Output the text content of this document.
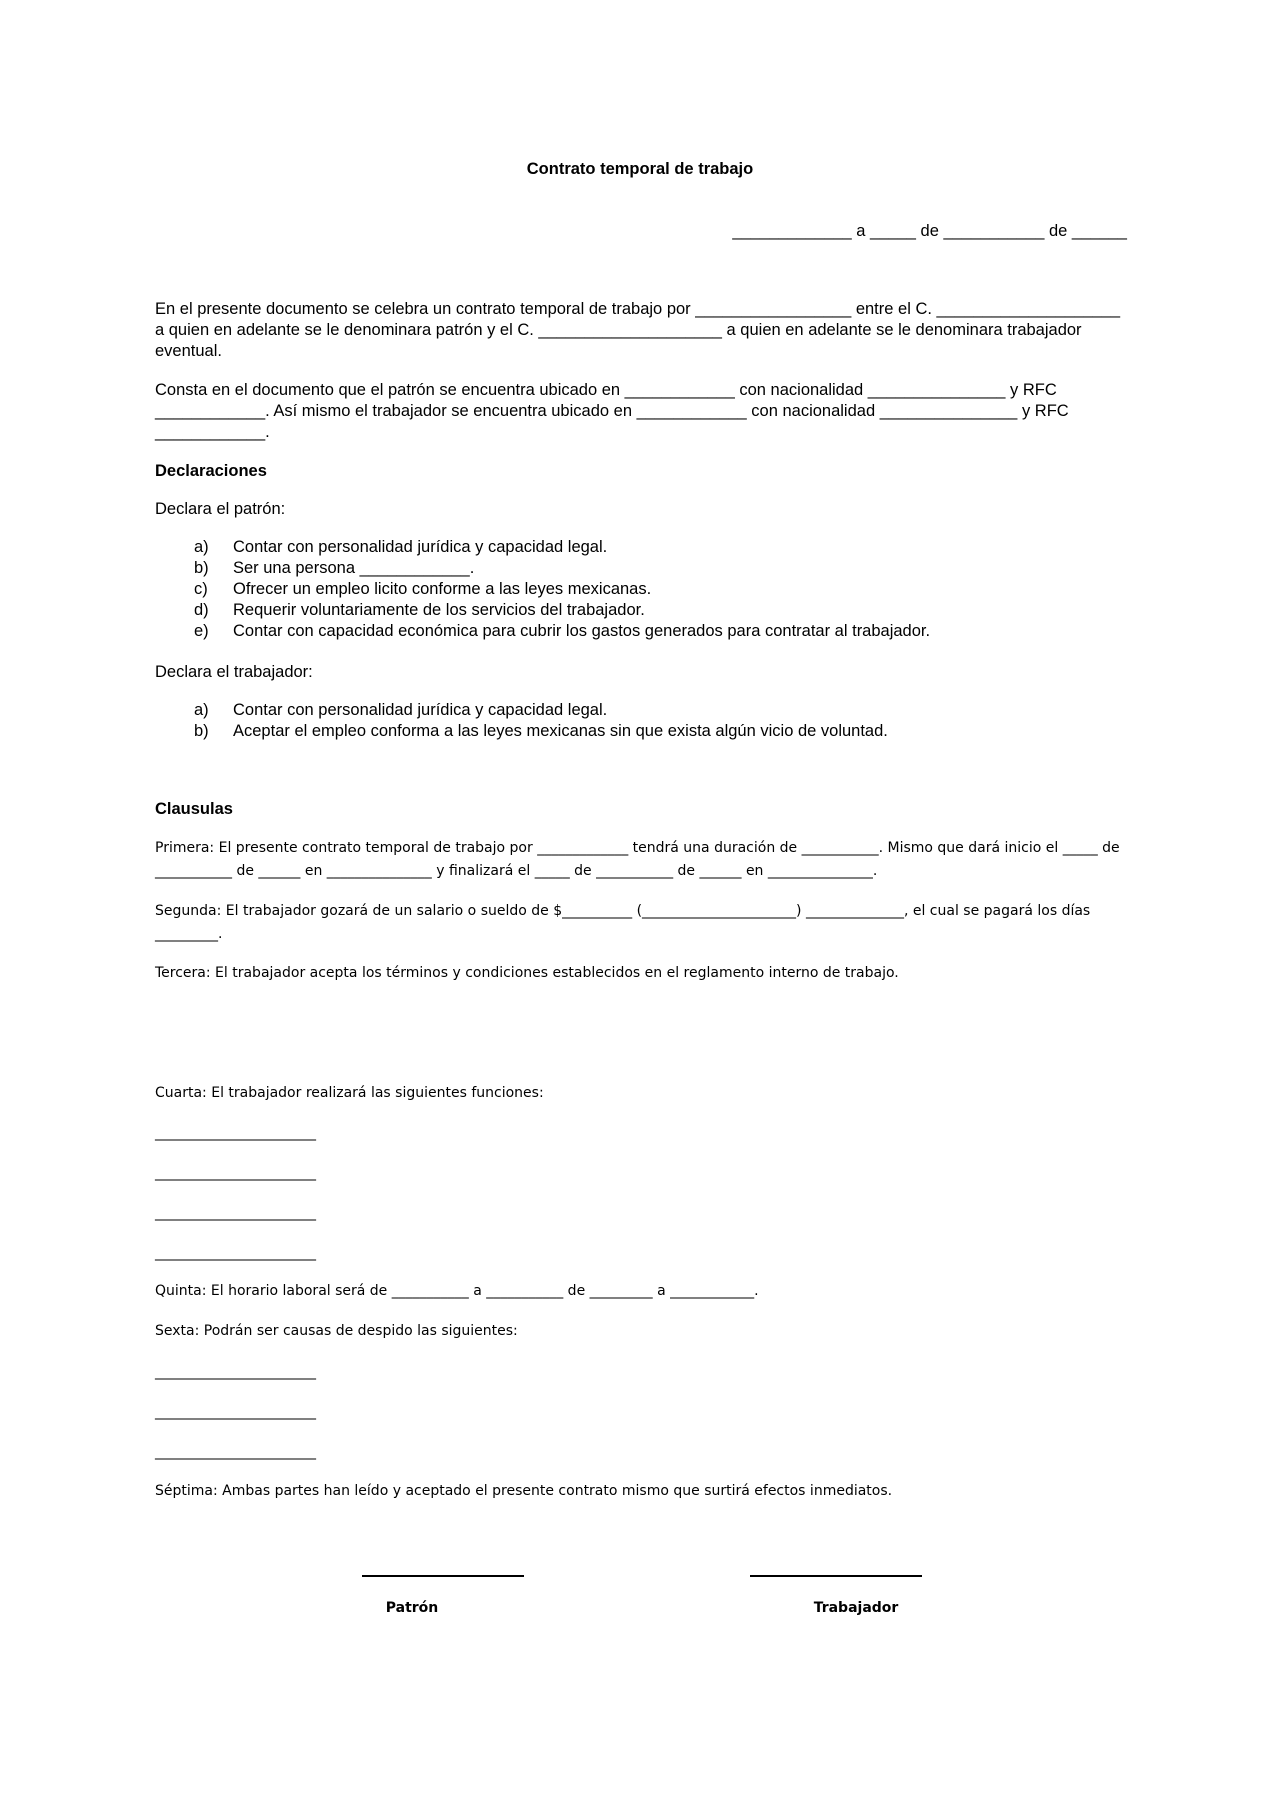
Contrato temporal de trabajo
_____________ a _____ de ___________ de ______

En el presente documento se celebra un contrato temporal de trabajo por _________________ entre el C. ____________________ a quien en adelante se le denominara patrón y el C. ____________________ a quien en adelante se le denominara trabajador eventual.

Consta en el documento que el patrón se encuentra ubicado en ____________ con nacionalidad _______________ y RFC ____________. Así mismo el trabajador se encuentra ubicado en ____________ con nacionalidad _______________ y RFC ____________.

Declaraciones
Declara el patrón:
a) Contar con personalidad jurídica y capacidad legal.
b) Ser una persona ____________.
c) Ofrecer un empleo licito conforme a las leyes mexicanas.
d) Requerir voluntariamente de los servicios del trabajador.
e) Contar con capacidad económica para cubrir los gastos generados para contratar al trabajador.
Declara el trabajador:
a) Contar con personalidad jurídica y capacidad legal.
b) Aceptar el empleo conforma a las leyes mexicanas sin que exista algún vicio de voluntad.
Clausulas

Primera: El presente contrato temporal de trabajo por _____________ tendrá una duración de ___________. Mismo que dará inicio el _____ de ___________ de ______ en _______________ y finalizará el _____ de ___________ de ______ en _______________.

Segunda: El trabajador gozará de un salario o sueldo de $__________ (______________________) ______________, el cual se pagará los días _________.

Tercera: El trabajador acepta los términos y condiciones establecidos en el reglamento interno de trabajo.

Cuarta: El trabajador realizará las siguientes funciones:

_______________________
_______________________
_______________________
_______________________

Quinta: El horario laboral será de ___________ a ___________ de _________ a ____________.

Sexta: Podrán ser causas de despido las siguientes:

_______________________
_______________________
_______________________

Séptima: Ambas partes han leído y aceptado el presente contrato mismo que surtirá efectos inmediatos.

Patrón	Trabajador
